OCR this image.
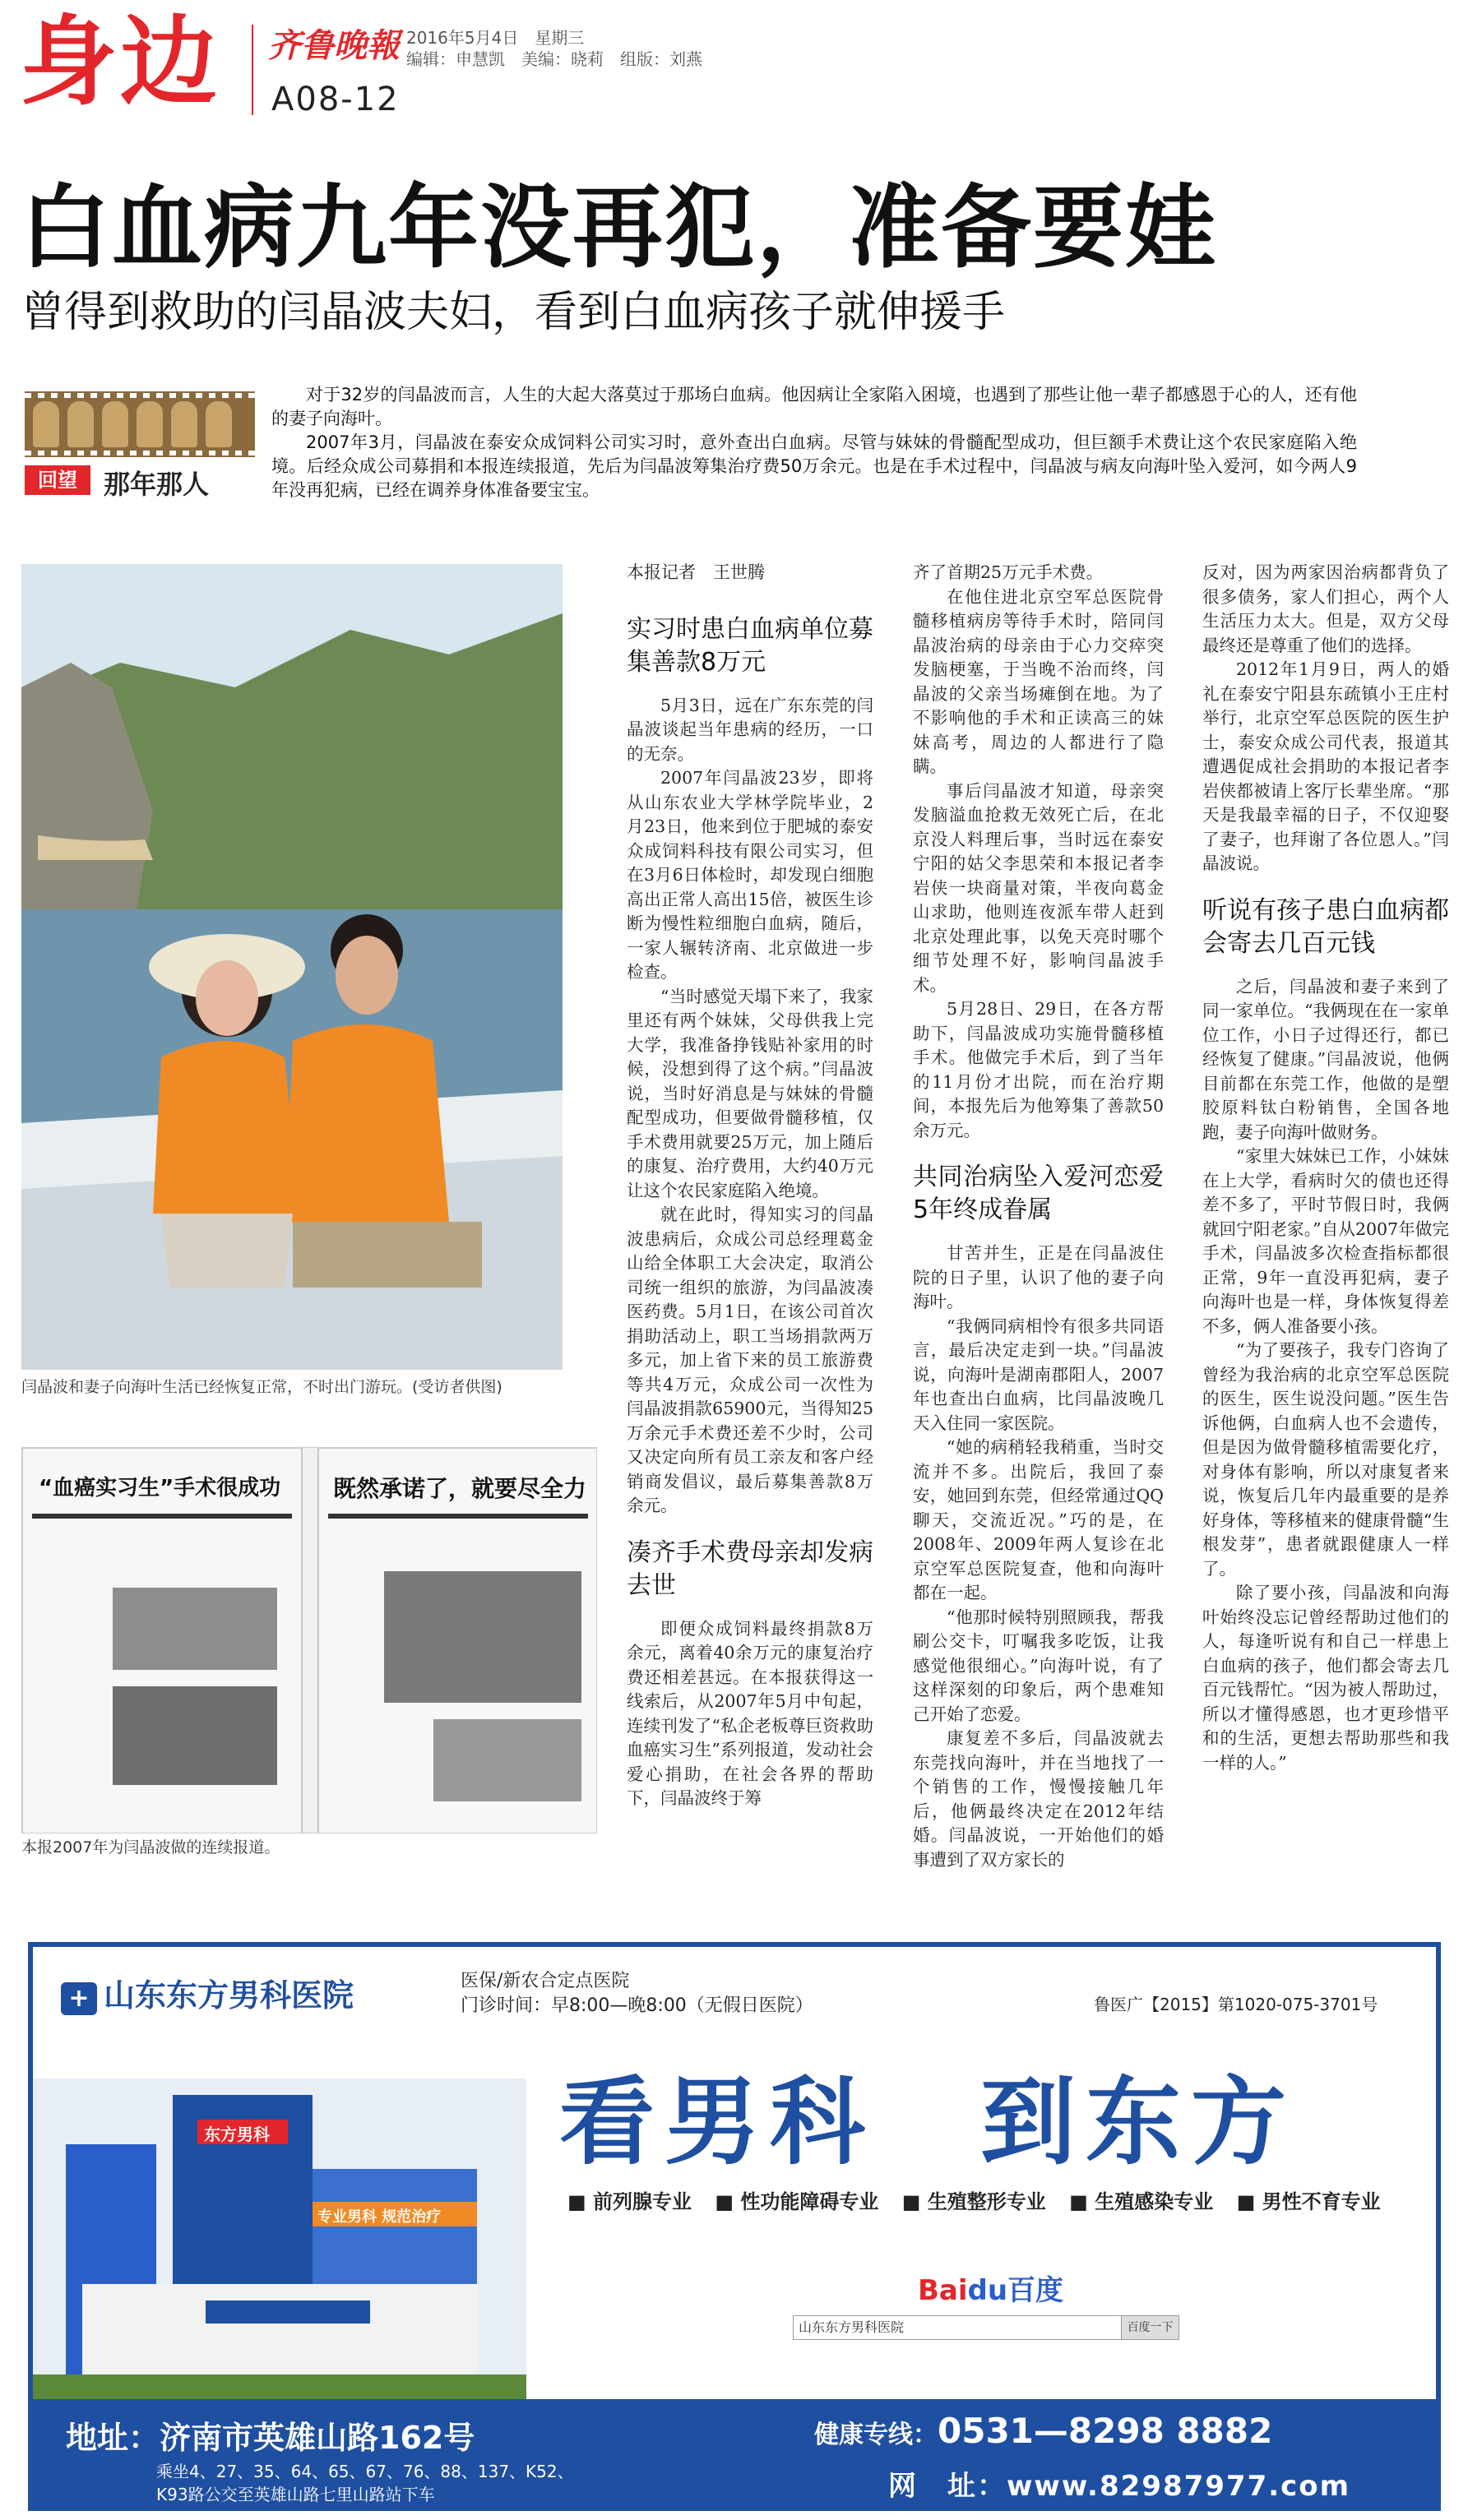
身边 齐鲁晚報 2016年5月4日　星期三
编辑：申慧凯　美编：晓莉　组版：刘燕
A08-12
白血病九年没再犯，准备要娃
曾得到救助的闫晶波夫妇，看到白血病孩子就伸援手
回望	那年那人

对于32岁的闫晶波而言，人生的大起大落莫过于那场白血病。他因病让全家陷入困境，也遇到了那些让他一辈子都感恩于心的人，还有他的妻子向海叶。

2007年3月，闫晶波在泰安众成饲料公司实习时，意外查出白血病。尽管与妹妹的骨髓配型成功，但巨额手术费让这个农民家庭陷入绝境。后经众成公司募捐和本报连续报道，先后为闫晶波筹集治疗费50万余元。也是在手术过程中，闫晶波与病友向海叶坠入爱河，如今两人9年没再犯病，已经在调养身体准备要宝宝。

闫晶波和妻子向海叶生活已经恢复正常，不时出门游玩。(受访者供图)
“血癌实习生”手术很成功 既然承诺了，就要尽全力
本报2007年为闫晶波做的连续报道。

本报记者　王世腾

实习时患白血病单位募集善款8万元

5月3日，远在广东东莞的闫晶波谈起当年患病的经历，一口的无奈。

2007年闫晶波23岁，即将从山东农业大学林学院毕业，2月23日，他来到位于肥城的泰安众成饲料科技有限公司实习，但在3月6日体检时，却发现白细胞高出正常人高出15倍，被医生诊断为慢性粒细胞白血病，随后，一家人辗转济南、北京做进一步检查。

“当时感觉天塌下来了，我家里还有两个妹妹，父母供我上完大学，我准备挣钱贴补家用的时候，没想到得了这个病。”闫晶波说，当时好消息是与妹妹的骨髓配型成功，但要做骨髓移植，仅手术费用就要25万元，加上随后的康复、治疗费用，大约40万元让这个农民家庭陷入绝境。

就在此时，得知实习的闫晶波患病后，众成公司总经理葛金山给全体职工大会决定，取消公司统一组织的旅游，为闫晶波凑医药费。5月1日，在该公司首次捐助活动上，职工当场捐款两万多元，加上省下来的员工旅游费等共4万元，众成公司一次性为闫晶波捐款65900元，当得知25万余元手术费还差不少时，公司又决定向所有员工亲友和客户经销商发倡议，最后募集善款8万余元。

凑齐手术费母亲却发病去世

即便众成饲料最终捐款8万余元，离着40余万元的康复治疗费还相差甚远。在本报获得这一线索后，从2007年5月中旬起，连续刊发了“私企老板尊巨资救助血癌实习生”系列报道，发动社会爱心捐助，在社会各界的帮助下，闫晶波终于筹

齐了首期25万元手术费。

在他住进北京空军总医院骨髓移植病房等待手术时，陪同闫晶波治病的母亲由于心力交瘁突发脑梗塞，于当晚不治而终，闫晶波的父亲当场瘫倒在地。为了不影响他的手术和正读高三的妹妹高考，周边的人都进行了隐瞒。

事后闫晶波才知道，母亲突发脑溢血抢救无效死亡后，在北京没人料理后事，当时远在泰安宁阳的姑父李思荣和本报记者李岩侠一块商量对策，半夜向葛金山求助，他则连夜派车带人赶到北京处理此事，以免天亮时哪个细节处理不好，影响闫晶波手术。

5月28日、29日，在各方帮助下，闫晶波成功实施骨髓移植手术。他做完手术后，到了当年的11月份才出院，而在治疗期间，本报先后为他筹集了善款50余万元。

共同治病坠入爱河恋爱5年终成眷属

甘苦并生，正是在闫晶波住院的日子里，认识了他的妻子向海叶。

“我俩同病相怜有很多共同语言，最后决定走到一块。”闫晶波说，向海叶是湖南郡阳人，2007年也查出白血病，比闫晶波晚几天入住同一家医院。

“她的病稍轻我稍重，当时交流并不多。出院后，我回了泰安，她回到东莞，但经常通过QQ聊天，交流近况。”巧的是，在2008年、2009年两人复诊在北京空军总医院复查，他和向海叶都在一起。

“他那时候特别照顾我，帮我刷公交卡，叮嘱我多吃饭，让我感觉他很细心。”向海叶说，有了这样深刻的印象后，两个患难知己开始了恋爱。

康复差不多后，闫晶波就去东莞找向海叶，并在当地找了一个销售的工作，慢慢接触几年后，他俩最终决定在2012年结婚。闫晶波说，一开始他们的婚事遭到了双方家长的

反对，因为两家因治病都背负了很多债务，家人们担心，两个人生活压力太大。但是，双方父母最终还是尊重了他们的选择。

2012年1月9日，两人的婚礼在泰安宁阳县东疏镇小王庄村举行，北京空军总医院的医生护士，泰安众成公司代表，报道其遭遇促成社会捐助的本报记者李岩侠都被请上客厅长辈坐席。“那天是我最幸福的日子，不仅迎娶了妻子，也拜谢了各位恩人。”闫晶波说。

听说有孩子患白血病都会寄去几百元钱

之后，闫晶波和妻子来到了同一家单位。“我俩现在在一家单位工作，小日子过得还行，都已经恢复了健康。”闫晶波说，他俩目前都在东莞工作，他做的是塑胶原料钛白粉销售，全国各地跑，妻子向海叶做财务。

“家里大妹妹已工作，小妹妹在上大学，看病时欠的债也还得差不多了，平时节假日时，我俩就回宁阳老家。”自从2007年做完手术，闫晶波多次检查指标都很正常，9年一直没再犯病，妻子向海叶也是一样，身体恢复得差不多，俩人准备要小孩。

“为了要孩子，我专门咨询了曾经为我治病的北京空军总医院的医生，医生说没问题。”医生告诉他俩，白血病人也不会遗传，但是因为做骨髓移植需要化疗，对身体有影响，所以对康复者来说，恢复后几年内最重要的是养好身体，等移植来的健康骨髓“生根发芽”，患者就跟健康人一样了。

除了要小孩，闫晶波和向海叶始终没忘记曾经帮助过他们的人，每逢听说有和自己一样患上白血病的孩子，他们都会寄去几百元钱帮忙。“因为被人帮助过，所以才懂得感恩，也才更珍惜平和的生活，更想去帮助那些和我一样的人。”

+ 山东东方男科医院	医保/新农合定点医院
门诊时间：早8:00—晚8:00（无假日医院）	鲁医广【2015】第1020-075-3701号
东方男科
专业男科 规范治疗
看男科　到东方
■ 前列腺专业 ■ 性功能障碍专业 ■ 生殖整形专业 ■ 生殖感染专业 ■ 男性不育专业
Baidu百度
山东东方男科医院	百度一下
地址：济南市英雄山路162号
乘坐4、27、35、64、65、67、76、88、137、K52、
K93路公交至英雄山路七里山路站下车
健康专线：0531—8298 8882
网　址：www.82987977.com
